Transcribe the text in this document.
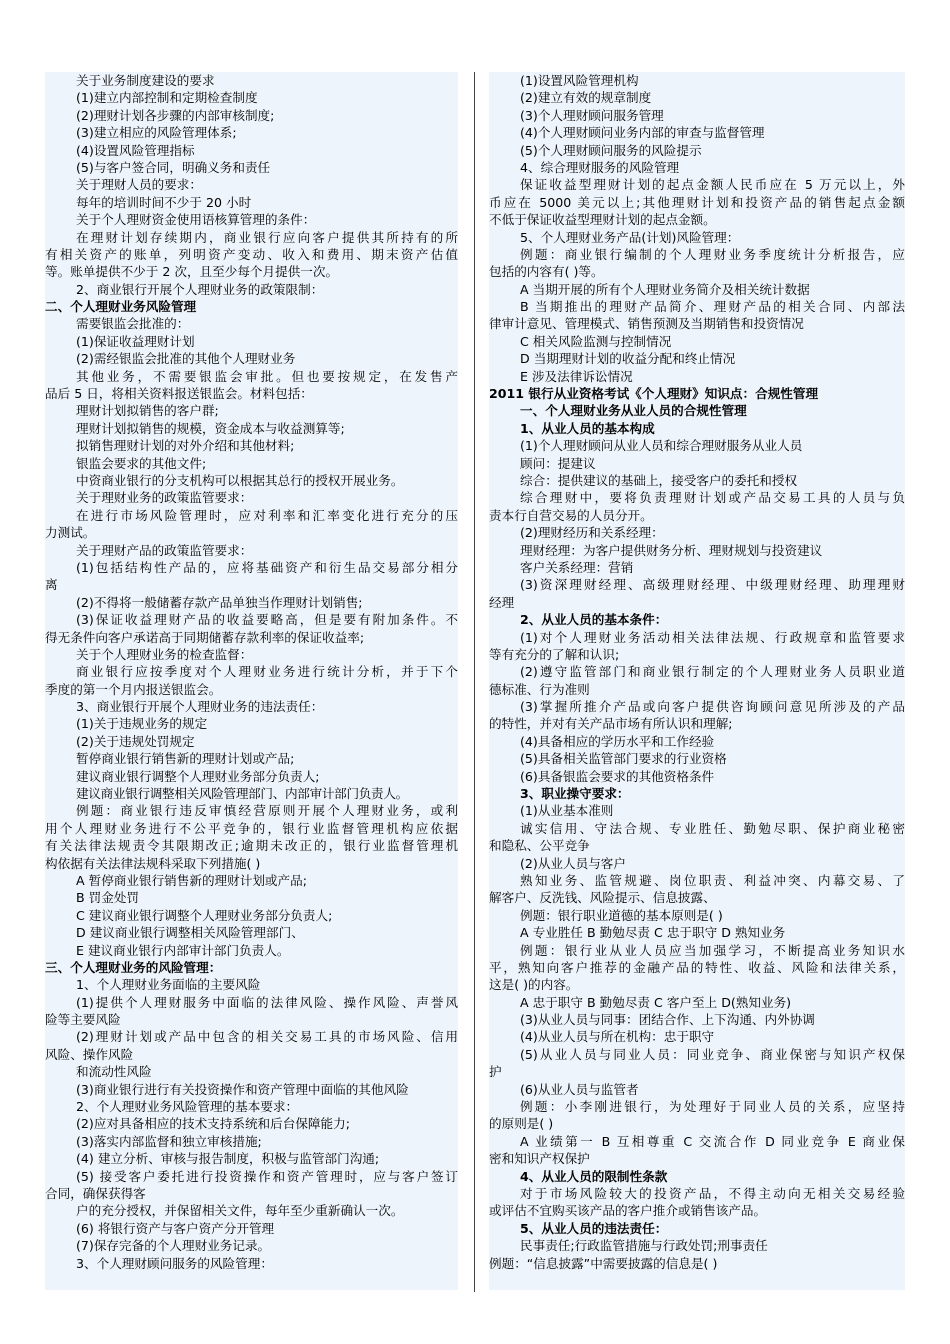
关于业务制度建设的要求
(1)建立内部控制和定期检查制度
(2)理财计划各步骤的内部审核制度;
(3)建立相应的风险管理体系;
(4)设置风险管理指标
(5)与客户签合同，明确义务和责任
关于理财人员的要求：
每年的培训时间不少于 20 小时
关于个人理财资金使用语核算管理的条件：
在理财计划存续期内，商业银行应向客户提供其所持有的所
有相关资产的账单，列明资产变动、收入和费用、期末资产估值
等。账单提供不少于 2 次，且至少每个月提供一次。
2、商业银行开展个人理财业务的政策限制：
二、个人理财业务风险管理
需要银监会批准的：
(1)保证收益理财计划
(2)需经银监会批准的其他个人理财业务
其他业务，不需要银监会审批。但也要按规定，在发售产
品后 5 日，将相关资料报送银监会。材料包括：
理财计划拟销售的客户群;
理财计划拟销售的规模，资金成本与收益测算等;
拟销售理财计划的对外介绍和其他材料;
银监会要求的其他文件;
中资商业银行的分支机构可以根据其总行的授权开展业务。
关于理财业务的政策监管要求：
在进行市场风险管理时，应对利率和汇率变化进行充分的压
力测试。
关于理财产品的政策监管要求：
(1)包括结构性产品的，应将基础资产和衍生品交易部分相分
离
(2)不得将一般储蓄存款产品单独当作理财计划销售;
(3)保证收益理财产品的收益要略高，但是要有附加条件。不
得无条件向客户承诺高于同期储蓄存款利率的保证收益率;
关于个人理财业务的检查监督：
商业银行应按季度对个人理财业务进行统计分析，并于下个
季度的第一个月内报送银监会。
3、商业银行开展个人理财业务的违法责任：
(1)关于违规业务的规定
(2)关于违规处罚规定
暂停商业银行销售新的理财计划或产品;
建议商业银行调整个人理财业务部分负责人;
建议商业银行调整相关风险管理部门、内部审计部门负责人。
例题：商业银行违反审慎经营原则开展个人理财业务，或利
用个人理财业务进行不公平竞争的，银行业监督管理机构应依据
有关法律法规责令其限期改正;逾期未改正的，银行业监督管理机
构依据有关法律法规科采取下列措施( )
A 暂停商业银行销售新的理财计划或产品;
B 罚金处罚
C 建议商业银行调整个人理财业务部分负责人;
D 建议商业银行调整相关风险管理部门、
E 建议商业银行内部审计部门负责人。
三、个人理财业务的风险管理：
1、个人理财业务面临的主要风险
(1)提供个人理财服务中面临的法律风险、操作风险、声誉风
险等主要风险
(2)理财计划或产品中包含的相关交易工具的市场风险、信用
风险、操作风险
和流动性风险
(3)商业银行进行有关投资操作和资产管理中面临的其他风险
2、个人理财业务风险管理的基本要求：
(2)应对具备相应的技术支持系统和后台保障能力;
(3)落实内部监督和独立审核措施;
(4) 建立分析、审核与报告制度，积极与监管部门沟通;
(5) 接受客户委托进行投资操作和资产管理时，应与客户签订
合同，确保获得客
户的充分授权，并保留相关文件，每年至少重新确认一次。
(6) 将银行资产与客户资产分开管理
(7)保存完备的个人理财业务记录。
3、个人理财顾问服务的风险管理：
(1)设置风险管理机构
(2)建立有效的规章制度
(3)个人理财顾问服务管理
(4)个人理财顾问业务内部的审查与监督管理
(5)个人理财顾问服务的风险提示
4、综合理财服务的风险管理
保证收益型理财计划的起点金额人民币应在 5 万元以上，外
币应在 5000 美元以上;其他理财计划和投资产品的销售起点金额
不低于保证收益型理财计划的起点金额。
5、个人理财业务产品(计划)风险管理：
例题：商业银行编制的个人理财业务季度统计分析报告，应
包括的内容有( )等。
A 当期开展的所有个人理财业务简介及相关统计数据
B 当期推出的理财产品简介、理财产品的相关合同、内部法
律审计意见、管理模式、销售预测及当期销售和投资情况
C 相关风险监测与控制情况
D 当期理财计划的收益分配和终止情况
E 涉及法律诉讼情况
2011 银行从业资格考试《个人理财》知识点：合规性管理
一、个人理财业务从业人员的合规性管理
1、从业人员的基本构成
(1)个人理财顾问从业人员和综合理财服务从业人员
顾问：提建议
综合：提供建议的基础上，接受客户的委托和授权
综合理财中，要将负责理财计划或产品交易工具的人员与负
责本行自营交易的人员分开。
(2)理财经历和关系经理：
理财经理：为客户提供财务分析、理财规划与投资建议
客户关系经理：营销
(3)资深理财经理、高级理财经理、中级理财经理、助理理财
经理
2、从业人员的基本条件：
(1)对个人理财业务活动相关法律法规、行政规章和监管要求
等有充分的了解和认识;
(2)遵守监管部门和商业银行制定的个人理财业务人员职业道
德标准、行为准则
(3)掌握所推介产品或向客户提供咨询顾问意见所涉及的产品
的特性，并对有关产品市场有所认识和理解;
(4)具备相应的学历水平和工作经验
(5)具备相关监管部门要求的行业资格
(6)具备银监会要求的其他资格条件
3、职业操守要求：
(1)从业基本准则
诚实信用、守法合规、专业胜任、勤勉尽职、保护商业秘密
和隐私、公平竞争
(2)从业人员与客户
熟知业务、监管规避、岗位职责、利益冲突、内幕交易、了
解客户、反洗钱、风险提示、信息披露、
例题：银行职业道德的基本原则是( )
A 专业胜任 B 勤勉尽责 C 忠于职守 D 熟知业务
例题：银行业从业人员应当加强学习，不断提高业务知识水
平，熟知向客户推荐的金融产品的特性、收益、风险和法律关系，
这是( )的内容。
A 忠于职守 B 勤勉尽责 C 客户至上 D(熟知业务)
(3)从业人员与同事：团结合作、上下沟通、内外协调
(4)从业人员与所在机构：忠于职守
(5)从业人员与同业人员：同业竞争、商业保密与知识产权保
护
(6)从业人员与监管者
例题：小李刚进银行，为处理好于同业人员的关系，应坚持
的原则是( )
A 业绩第一 B 互相尊重 C 交流合作 D 同业竞争 E 商业保
密和知识产权保护
4、从业人员的限制性条款
对于市场风险较大的投资产品，不得主动向无相关交易经验
或评估不宜购买该产品的客户推介或销售该产品。
5、从业人员的违法责任：
民事责任;行政监管措施与行政处罚;刑事责任
例题：“信息披露”中需要披露的信息是( )
